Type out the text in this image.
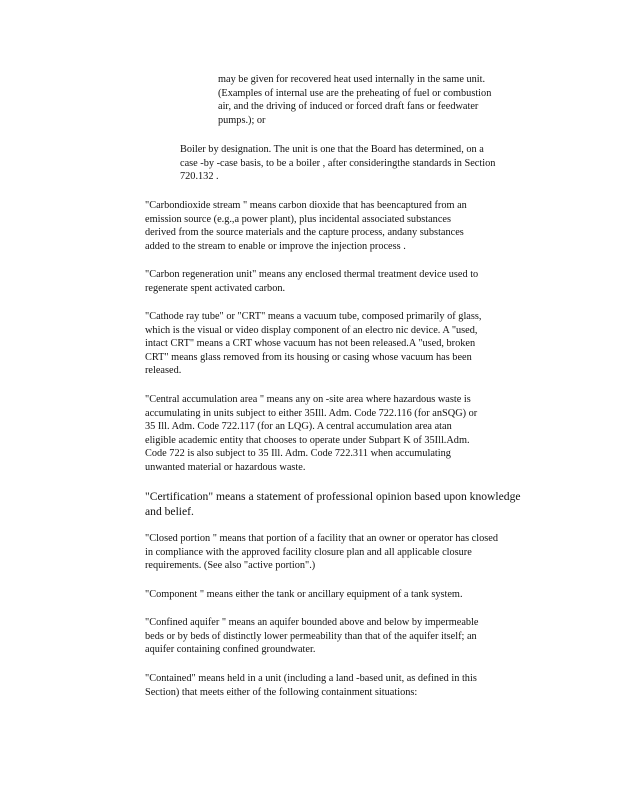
may be given for recovered heat used internally in the same unit.
(Examples of internal use are the preheating of fuel or combustion
air, and the driving of induced or forced draft fans or feedwater
pumps.); or
Boiler by designation. The unit is one that the Board has determined, on a
case -by -case basis, to be a boiler , after consideringthe standards in Section
720.132 .
"Carbondioxide stream " means carbon dioxide that has beencaptured from an
emission source (e.g.,a power plant), plus incidental associated substances
derived from the source materials and the capture process, andany substances
added to the stream to enable or improve the injection process .
"Carbon regeneration unit" means any enclosed thermal treatment device used to
regenerate spent activated carbon.
"Cathode ray tube" or "CRT" means a vacuum tube, composed primarily of glass,
which is the visual or video display component of an electro nic device. A "used,
intact CRT" means a CRT whose vacuum has not been released.A "used, broken
CRT" means glass removed from its housing or casing whose vacuum has been
released.
"Central accumulation area " means any on -site area where hazardous waste is
accumulating in units subject to either 35Ill. Adm. Code 722.116 (for anSQG) or
35 Ill. Adm. Code 722.117 (for an LQG). A central accumulation area atan
eligible academic entity that chooses to operate under Subpart K of 35Ill.Adm.
Code 722 is also subject to 35 Ill. Adm. Code 722.311 when accumulating
unwanted material or hazardous waste.
"Certification" means a statement of professional opinion based upon knowledge
and belief.
"Closed portion " means that portion of a facility that an owner or operator has closed
in compliance with the approved facility closure plan and all applicable closure
requirements. (See also "active portion".)
"Component " means either the tank or ancillary equipment of a tank system.
"Confined aquifer " means an aquifer bounded above and below by impermeable
beds or by beds of distinctly lower permeability than that of the aquifer itself; an
aquifer containing confined groundwater.
"Contained" means held in a unit (including a land -based unit, as defined in this
Section) that meets either of the following containment situations:
